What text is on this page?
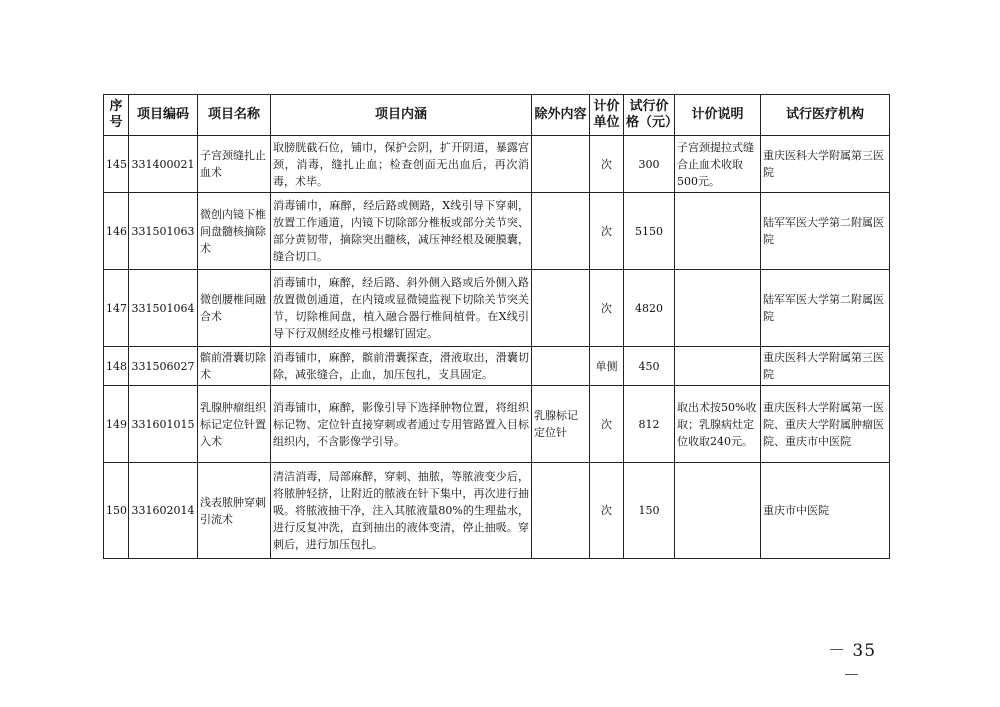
序号	项目编码	项目名称	项目内涵	除外内容	计价单位	试行价格（元）	计价说明	试行医疗机构
145	331400021	子宫颈缝扎止血术	取膀胱截石位，铺巾，保护会阴，扩开阴道，暴露宫颈，消毒，缝扎止血；检查创面无出血后，再次消毒，术毕。		次	300	子宫颈提拉式缝合止血术收取500元。	重庆医科大学附属第三医院
146	331501063	微创内镜下椎间盘髓核摘除术	消毒铺巾，麻醉，经后路或侧路，X线引导下穿刺，放置工作通道，内镜下切除部分椎板或部分关节突、部分黄韧带，摘除突出髓核，减压神经根及硬膜囊，缝合切口。		次	5150		陆军军医大学第二附属医院
147	331501064	微创腰椎间融合术	消毒铺巾，麻醉，经后路、斜外侧入路或后外侧入路放置微创通道，在内镜或显微镜监视下切除关节突关节，切除椎间盘，植入融合器行椎间植骨。在X线引导下行双侧经皮椎弓根螺钉固定。		次	4820		陆军军医大学第二附属医院
148	331506027	髌前滑囊切除术	消毒铺巾，麻醉，髌前滑囊探查，滑液取出，滑囊切除，减张缝合，止血，加压包扎，支具固定。		单侧	450		重庆医科大学附属第三医院
149	331601015	乳腺肿瘤组织标记定位针置入术	消毒铺巾，麻醉，影像引导下选择肿物位置，将组织标记物、定位针直接穿刺或者通过专用管路置入目标组织内，不含影像学引导。	乳腺标记定位针	次	812	取出术按50%收取；乳腺病灶定位收取240元。	重庆医科大学附属第一医院、重庆大学附属肿瘤医院、重庆市中医院
150	331602014	浅表脓肿穿刺引流术	清洁消毒，局部麻醉，穿刺、抽脓，等脓液变少后，将脓肿轻挤，让附近的脓液在针下集中，再次进行抽吸。将脓液抽干净，注入其脓液量80%的生理盐水，进行反复冲洗，直到抽出的液体变清，停止抽吸。穿刺后，进行加压包扎。		次	150		重庆市中医院
－ 35 －
